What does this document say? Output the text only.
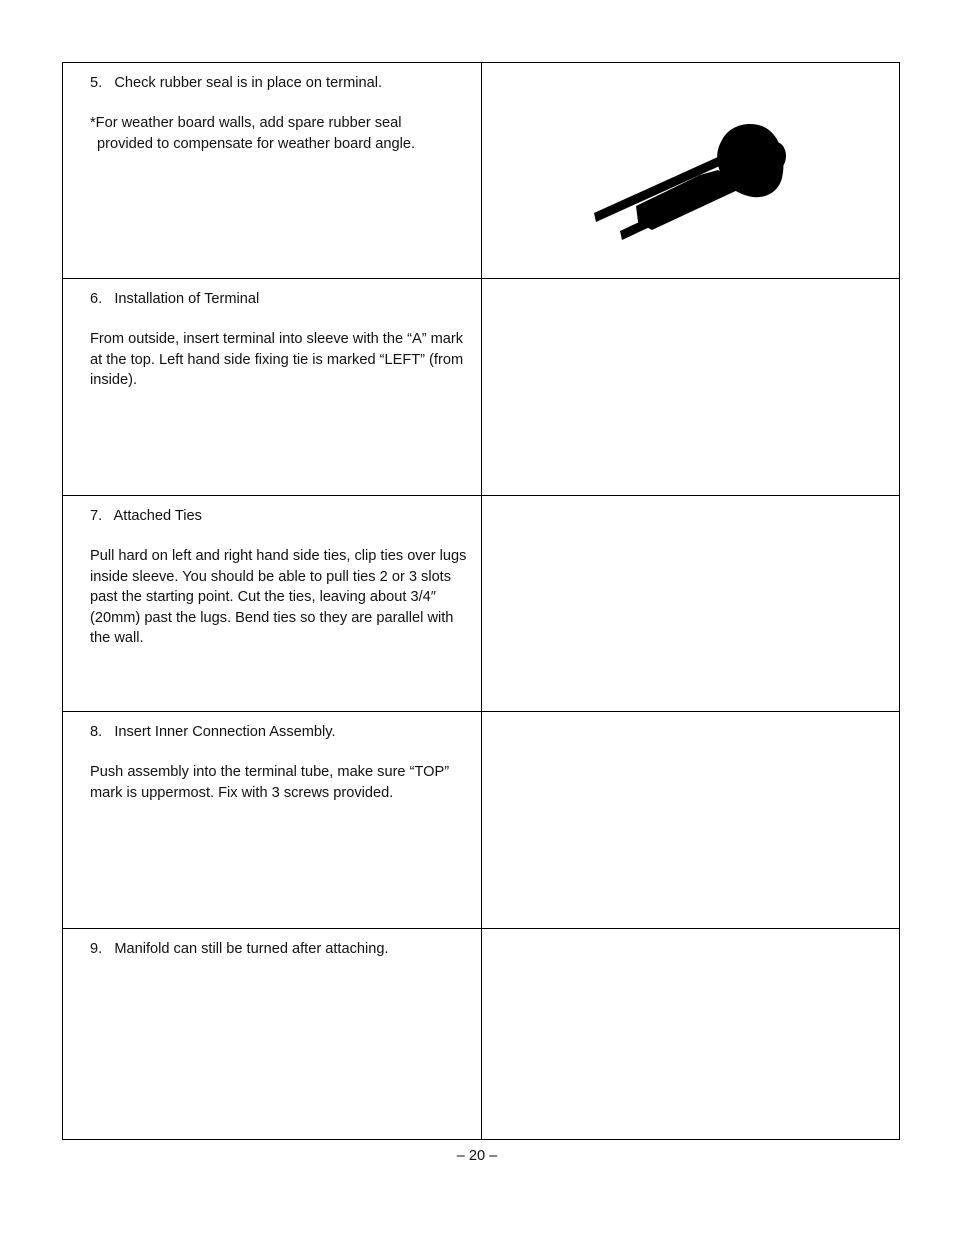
5.   Check rubber seal is in place on terminal.

*For weather board walls, add spare rubber seal

provided to compensate for weather board angle.

6.   Installation of Terminal

From outside, insert terminal into sleeve with the “A” mark at the top. Left hand side fixing tie is marked “LEFT” (from inside).

7.   Attached Ties

Pull hard on left and right hand side ties, clip ties over lugs inside sleeve. You should be able to pull ties 2 or 3 slots past the starting point. Cut the ties, leaving about 3/4″ (20mm) past the lugs. Bend ties so they are parallel with the wall.

8.   Insert Inner Connection Assembly.

Push assembly into the terminal tube, make sure “TOP” mark is uppermost. Fix with 3 screws provided.

9.   Manifold can still be turned after attaching.

– 20 –
